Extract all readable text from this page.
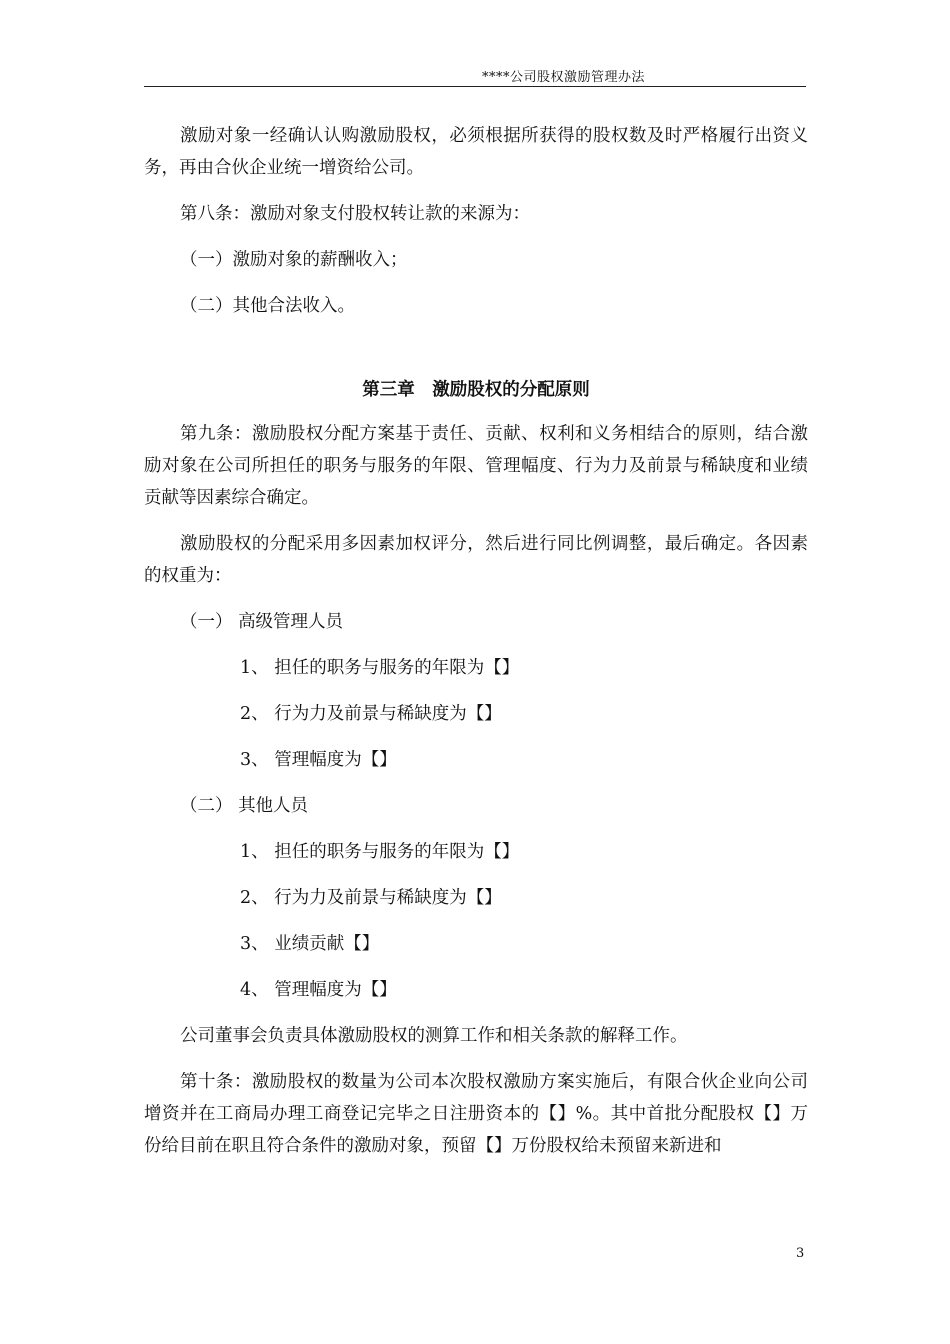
****公司股权激励管理办法

激励对象一经确认认购激励股权，必须根据所获得的股权数及时严格履行出资义务，再由合伙企业统一增资给公司。

第八条：激励对象支付股权转让款的来源为：

（一）激励对象的薪酬收入；
（二）其他合法收入。
第三章　激励股权的分配原则

第九条：激励股权分配方案基于责任、贡献、权利和义务相结合的原则，结合激励对象在公司所担任的职务与服务的年限、管理幅度、行为力及前景与稀缺度和业绩贡献等因素综合确定。

激励股权的分配采用多因素加权评分，然后进行同比例调整，最后确定。各因素的权重为：

（一） 高级管理人员
1、 担任的职务与服务的年限为【】
2、 行为力及前景与稀缺度为【】
3、 管理幅度为【】
（二） 其他人员
1、 担任的职务与服务的年限为【】
2、 行为力及前景与稀缺度为【】
3、 业绩贡献【】
4、 管理幅度为【】

公司董事会负责具体激励股权的测算工作和相关条款的解释工作。

第十条：激励股权的数量为公司本次股权激励方案实施后，有限合伙企业向公司增资并在工商局办理工商登记完毕之日注册资本的【】%。其中首批分配股权【】万份给目前在职且符合条件的激励对象，预留【】万份股权给未预留来新进和

3
